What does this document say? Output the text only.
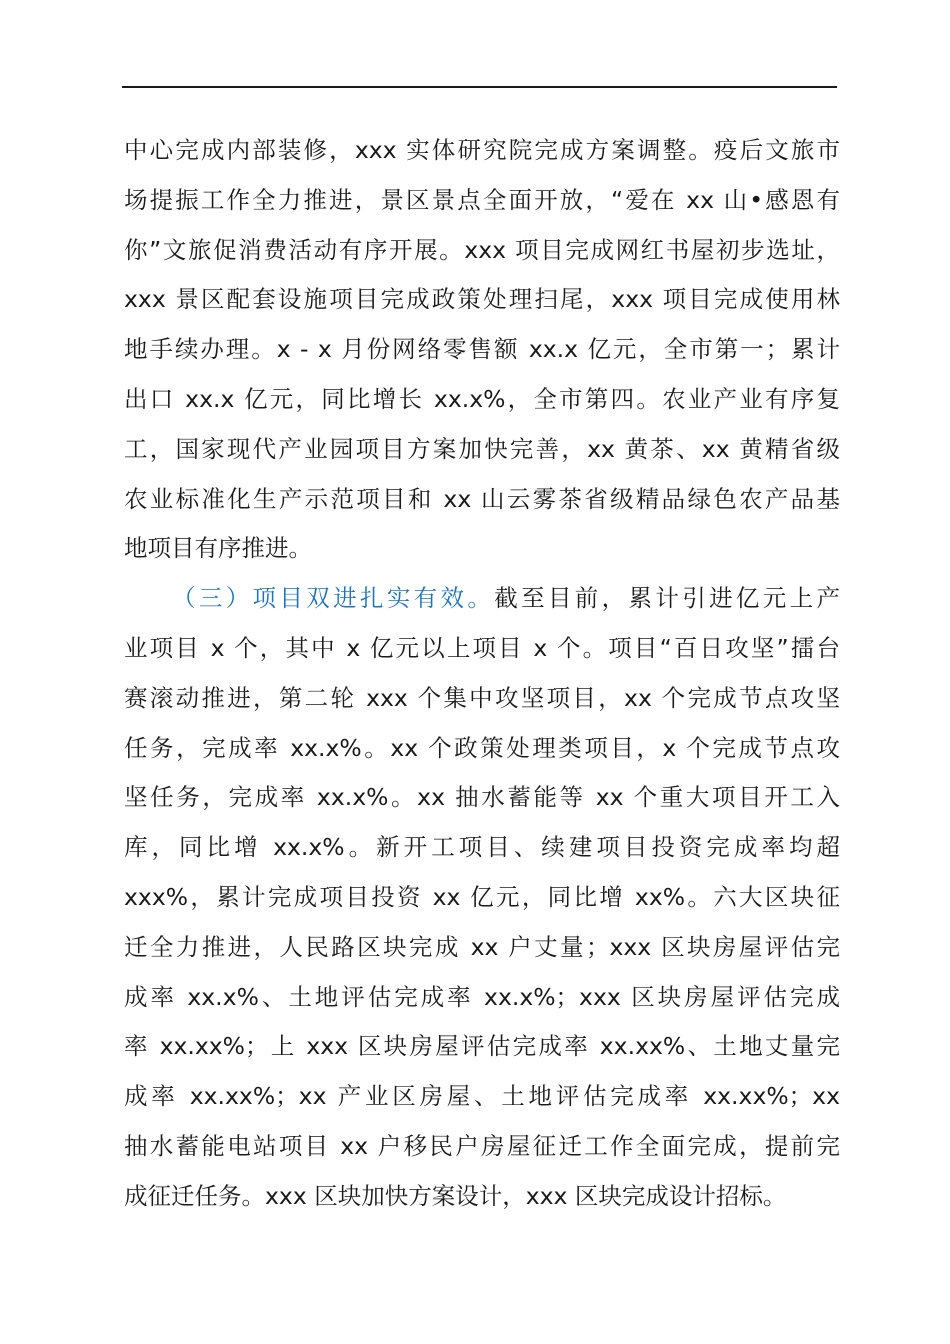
中心完成内部装修，xxx 实体研究院完成方案调整。疫后文旅市
场提振工作全力推进，景区景点全面开放，“爱在 xx 山•感恩有
你”文旅促消费活动有序开展。xxx 项目完成网红书屋初步选址，
xxx 景区配套设施项目完成政策处理扫尾，xxx 项目完成使用林
地手续办理。x - x 月份网络零售额 xx.x 亿元，全市第一；累计
出口 xx.x 亿元，同比增长 xx.x%，全市第四。农业产业有序复
工，国家现代产业园项目方案加快完善，xx 黄茶、xx 黄精省级
农业标准化生产示范项目和 xx 山云雾茶省级精品绿色农产品基
地项目有序推进。
（三）项目双进扎实有效。截至目前，累计引进亿元上产
业项目 x 个，其中 x 亿元以上项目 x 个。项目“百日攻坚”擂台
赛滚动推进，第二轮 xxx 个集中攻坚项目，xx 个完成节点攻坚
任务，完成率 xx.x%。xx 个政策处理类项目，x 个完成节点攻
坚任务，完成率 xx.x%。xx 抽水蓄能等 xx 个重大项目开工入
库，同比增 xx.x%。新开工项目、续建项目投资完成率均超
xxx%，累计完成项目投资 xx 亿元，同比增 xx%。六大区块征
迁全力推进，人民路区块完成 xx 户丈量；xxx 区块房屋评估完
成率 xx.x%、土地评估完成率 xx.x%；xxx 区块房屋评估完成
率 xx.xx%；上 xxx 区块房屋评估完成率 xx.xx%、土地丈量完
成率 xx.xx%；xx 产业区房屋、土地评估完成率 xx.xx%；xx
抽水蓄能电站项目 xx 户移民户房屋征迁工作全面完成，提前完
成征迁任务。xxx 区块加快方案设计，xxx 区块完成设计招标。
